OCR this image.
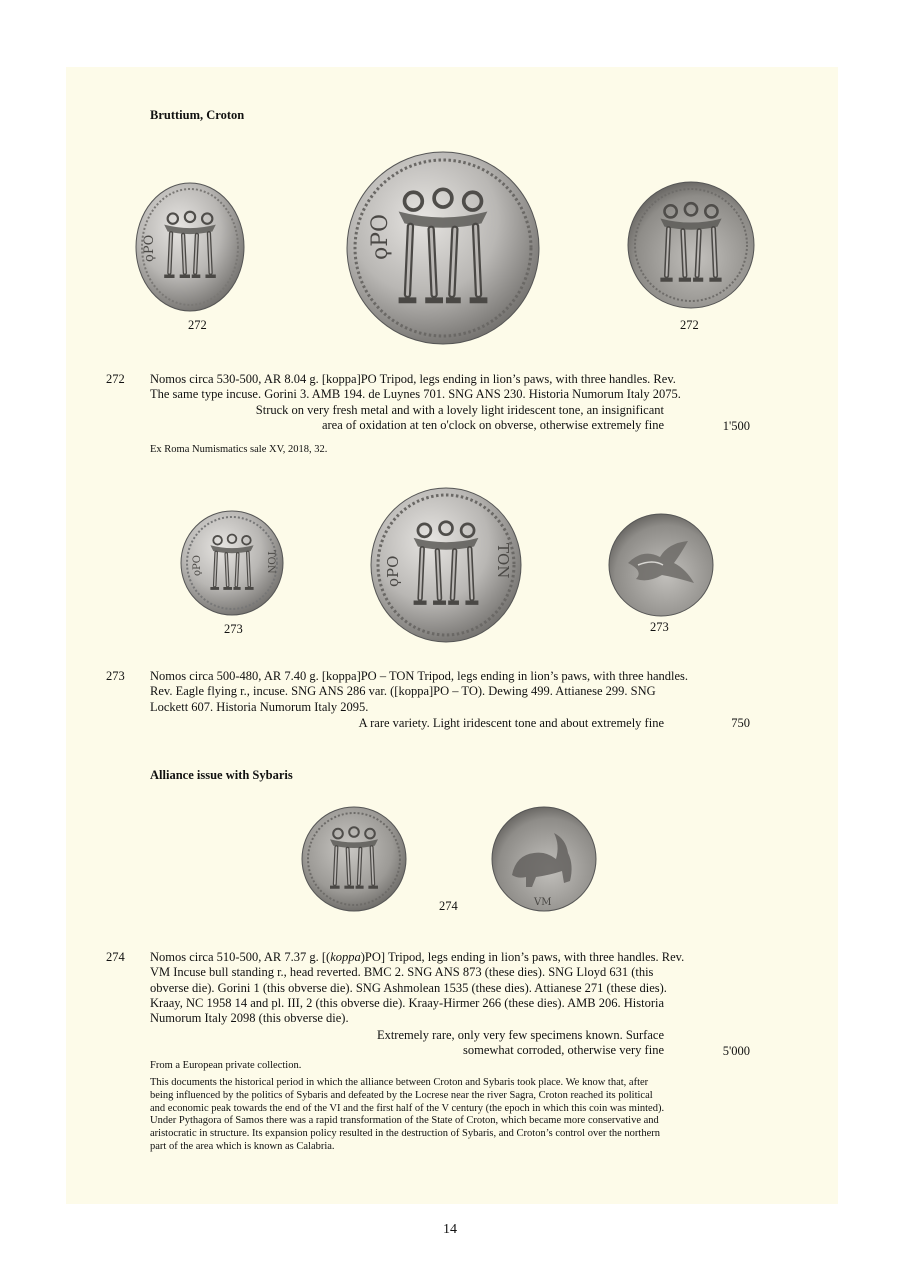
Bruttium, Croton
ϙΡΟ
272
ϙΡΟ
272
272 Nomos circa 530-500, AR 8.04 g. [koppa]PO Tripod, legs ending in lion’s paws, with three handles. Rev.
The same type incuse. Gorini 3. AMB 194. de Luynes 701. SNG ANS 230. Historia Numorum Italy 2075.
Struck on very fresh metal and with a lovely light iridescent tone, an insignificant
area of oxidation at ten o'clock on obverse, otherwise extremely fine	1'500
Ex Roma Numismatics sale XV, 2018, 32.
ϙΡΟ	ΤΟΝ
273
ϙΡΟ	ΤΟΝ
273
273 Nomos circa 500-480, AR 7.40 g. [koppa]PO – TON Tripod, legs ending in lion’s paws, with three handles.
Rev. Eagle flying r., incuse. SNG ANS 286 var. ([koppa]PO – TO). Dewing 499. Attianese 299. SNG
Lockett 607. Historia Numorum Italy 2095.
A rare variety. Light iridescent tone and about extremely fine	750
Alliance issue with Sybaris
VM
274
274 Nomos circa 510-500, AR 7.37 g. [(koppa)PO] Tripod, legs ending in lion’s paws, with three handles. Rev.
VM Incuse bull standing r., head reverted. BMC 2. SNG ANS 873 (these dies). SNG Lloyd 631 (this
obverse die). Gorini 1 (this obverse die). SNG Ashmolean 1535 (these dies). Attianese 271 (these dies).
Kraay, NC 1958 14 and pl. III, 2 (this obverse die). Kraay-Hirmer 266 (these dies). AMB 206. Historia
Numorum Italy 2098 (this obverse die).
Extremely rare, only very few specimens known. Surface
somewhat corroded, otherwise very fine	5'000
From a European private collection.
This documents the historical period in which the alliance between Croton and Sybaris took place. We know that, after
being influenced by the politics of Sybaris and defeated by the Locrese near the river Sagra, Croton reached its political
and economic peak towards the end of the VI and the first half of the V century (the epoch in which this coin was minted).
Under Pythagora of Samos there was a rapid transformation of the State of Croton, which became more conservative and
aristocratic in structure. Its expansion policy resulted in the destruction of Sybaris, and Croton’s control over the northern
part of the area which is known as Calabria.
14
